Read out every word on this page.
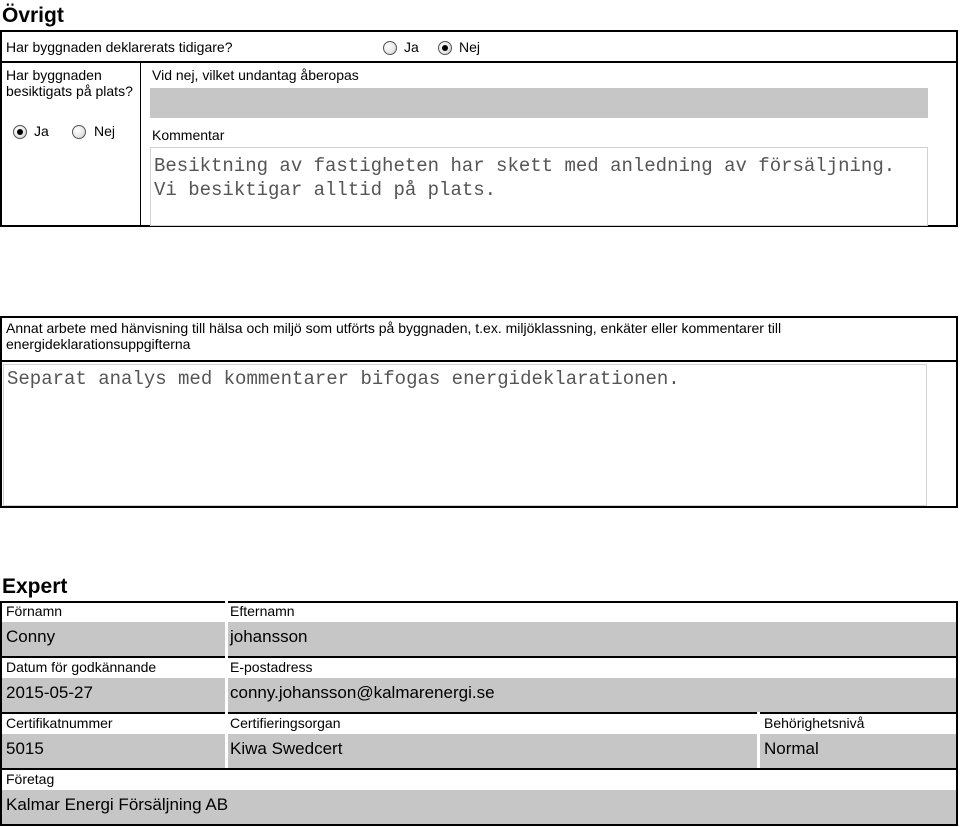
Övrigt
Har byggnaden deklarerats tidigare?	Ja	Nej
Har byggnaden besiktigats på plats?
Ja	Nej
Vid nej, vilket undantag åberopas
Kommentar
Besiktning av fastigheten har skett med anledning av försäljning.
Vi besiktigar alltid på plats.
Annat arbete med hänvisning till hälsa och miljö som utförts på byggnaden, t.ex. miljöklassning, enkäter eller kommentarer till energideklarationsuppgifterna
Separat analys med kommentarer bifogas energideklarationen.
Expert
Förnamn	Efternamn
Conny	johansson
Datum för godkännande	E-postadress
2015-05-27	conny.johansson@kalmarenergi.se
Certifikatnummer	Certifieringsorgan	Behörighetsnivå
5015	Kiwa Swedcert	Normal
Företag
Kalmar Energi Försäljning AB
